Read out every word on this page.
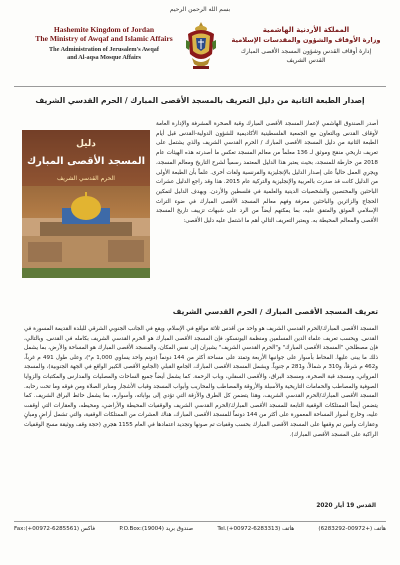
بسم الله الرحمن الرحيم
Hashemite Kingdom of Jordan
The Ministry of Awqaf and Islamic Affairs
The Administration of Jerusalem's Awqaf
and Al-aqsa Mosque Affairs
المملكة الأردنية الهاشمية
وزارة الأوقاف والشؤون والمقدسات الإسلامية
إدارة أوقاف القدس وشؤون المسجد الأقصى المبارك
القدس الشريف
إصدار الطبعة الثانية من دليل التعريف بالمسجد الأقصى المبارك / الحرم القدسي الشريف
دليل
المسجد الأقصى المبارك
الحرم القدسي الشريف
أصدر الصندوق الهاشمي لإعمار المسجد الأقصى المبارك وقبة الصخرة المشرفة والإدارة العامة لأوقاف القدس وبالتعاون مع الجمعية الفلسطينية الأكاديمية للشؤون الدولية-القدس قبل أيام الطبعة الثانية من دليل المسجد الأقصى المبارك / الحرم القدسي الشريف والذي يشتمل على تعريف تاريخي منقح وموثق لـ 136 معلماً من معالم المسجد تعكس ما أصدرته هذه الهيئات عام 2018 من خارطة للمسجد، بحيث يعتبر هذا الدليل المعتمد رسمياً لشرح التاريخ ومعالم المسجد، ويجري العمل حالياً على إصدار الدليل بالإنجليزية والفرنسية ولغات أخرى. علماً بأن الطبعة الأولى من الدليل كانت قد صدرت بالعربية والإنجليزية والتركية عام 2015. هذا وقد راجع الدليل عشرات الباحثين والمختصين والشخصيات الدينية والعلمية في فلسطين والأردن. ويهدف الدليل لتمكين الحجاج والزائرين والباحثين معرفة وفهم معالم المسجد الأقصى المبارك في ضوء التراث الإسلامي الموثق والمتفق عليه، بما يمكنهم أيضاً من الرد على شبهات تزييف تاريخ المسجد الأقصى والمعالم المحيطة به. ويعتبر التعريف التالي أهم ما اشتمل عليه دليل الأقصى:
تعريف المسجد الأقصى المبارك / الحرم القدسي الشريف
المسجد الأقصى المبارك/الحرم القدسي الشريف هو واحد من أقدس ثلاثة مواقع في الإسلام، ويقع في الجانب الجنوبي الشرقي للبلدة القديمة المسورة في القدس. ويحسب تعريف علماء الدين المسلمين ومنظمة اليونسكو، فإن المسجد الأقصى المبارك هو الحرم القدسي الشريف بكامله في القدس. وبالتالي، فإن مصطلحي "المسجد الأقصى المبارك" و"الحرم القدسي الشريف" يشيران إلى نفس المكان، والمسجد الأقصى المبارك هو المساحة والأرض، بما يشمل ذلك ما يبنى عليها. المحاط بأسوار على جوانبها الأربعة وتمتد على مساحة أكثر من 144 دونماً (دونم واحد يساوي 1,000 م²)، وعلى طول 491 م غرباً، و462 م شرقاً، و310 م شمالاً، و281 م جنوباً. ويشمل المسجد الأقصى المبارك، الجامع القبلي (الجامع الأقصى الكبير الواقع في الجهة الجنوبية)، والمسجد المرواني، ومسجد قبة الصخرة، ومسجد البراق، والأقصى السفلي، وباب الرحمة. كما يشمل أيضاً جميع الساحات والمصليات والمدارس والمكتبات والزوايا الصوفية والمصاطب والحمامات التاريخية والأسبلة والأروقة والمصاطب والمحاريب وأبواب المسجد وقباب الأشجار ومنابر الصلاة ومن فوقه وما تحت رحابه. المسجد الأقصى المبارك/الحرم القدسي الشريف، وهذا يتضمن كل الطرق والأزقة التي تؤدي إلى بواباته، وأسواره، بما يشمل حائط البراق الشريف. كما يتضمن أيضاً الممتلكات الوقفية التابعة للمسجد الأقصى المبارك/الحرم القدسي الشريف والوقفيات المحيطة والأراضي، ومحيطه، والعقارات التي أوقفت عليه، وخارج أسوار المساحة المعمورة على أكثر من 144 دونماً للمسجد الأقصى المبارك، هناك العشرات من الممتلكات الوقفية، والتي تشمل أراضٍ ومبانٍ وعقارات وأمين تم وقفها على المسجد الأقصى المبارك بحسب وقفيات تم صونها وتجديد اعتمادها في العام 1155 هجري (حجة وقف ووثيقة مسح الوقفيات الراكبة على المسجد الأقصى المبارك).
القدس 19 أيار 2020
Fax:(+00972-6285561) فاكس	P.O.Box:(19004) صندوق بريد	Tel.(+00972-6283313) هاتف	هاتف (+00972-6283292)
